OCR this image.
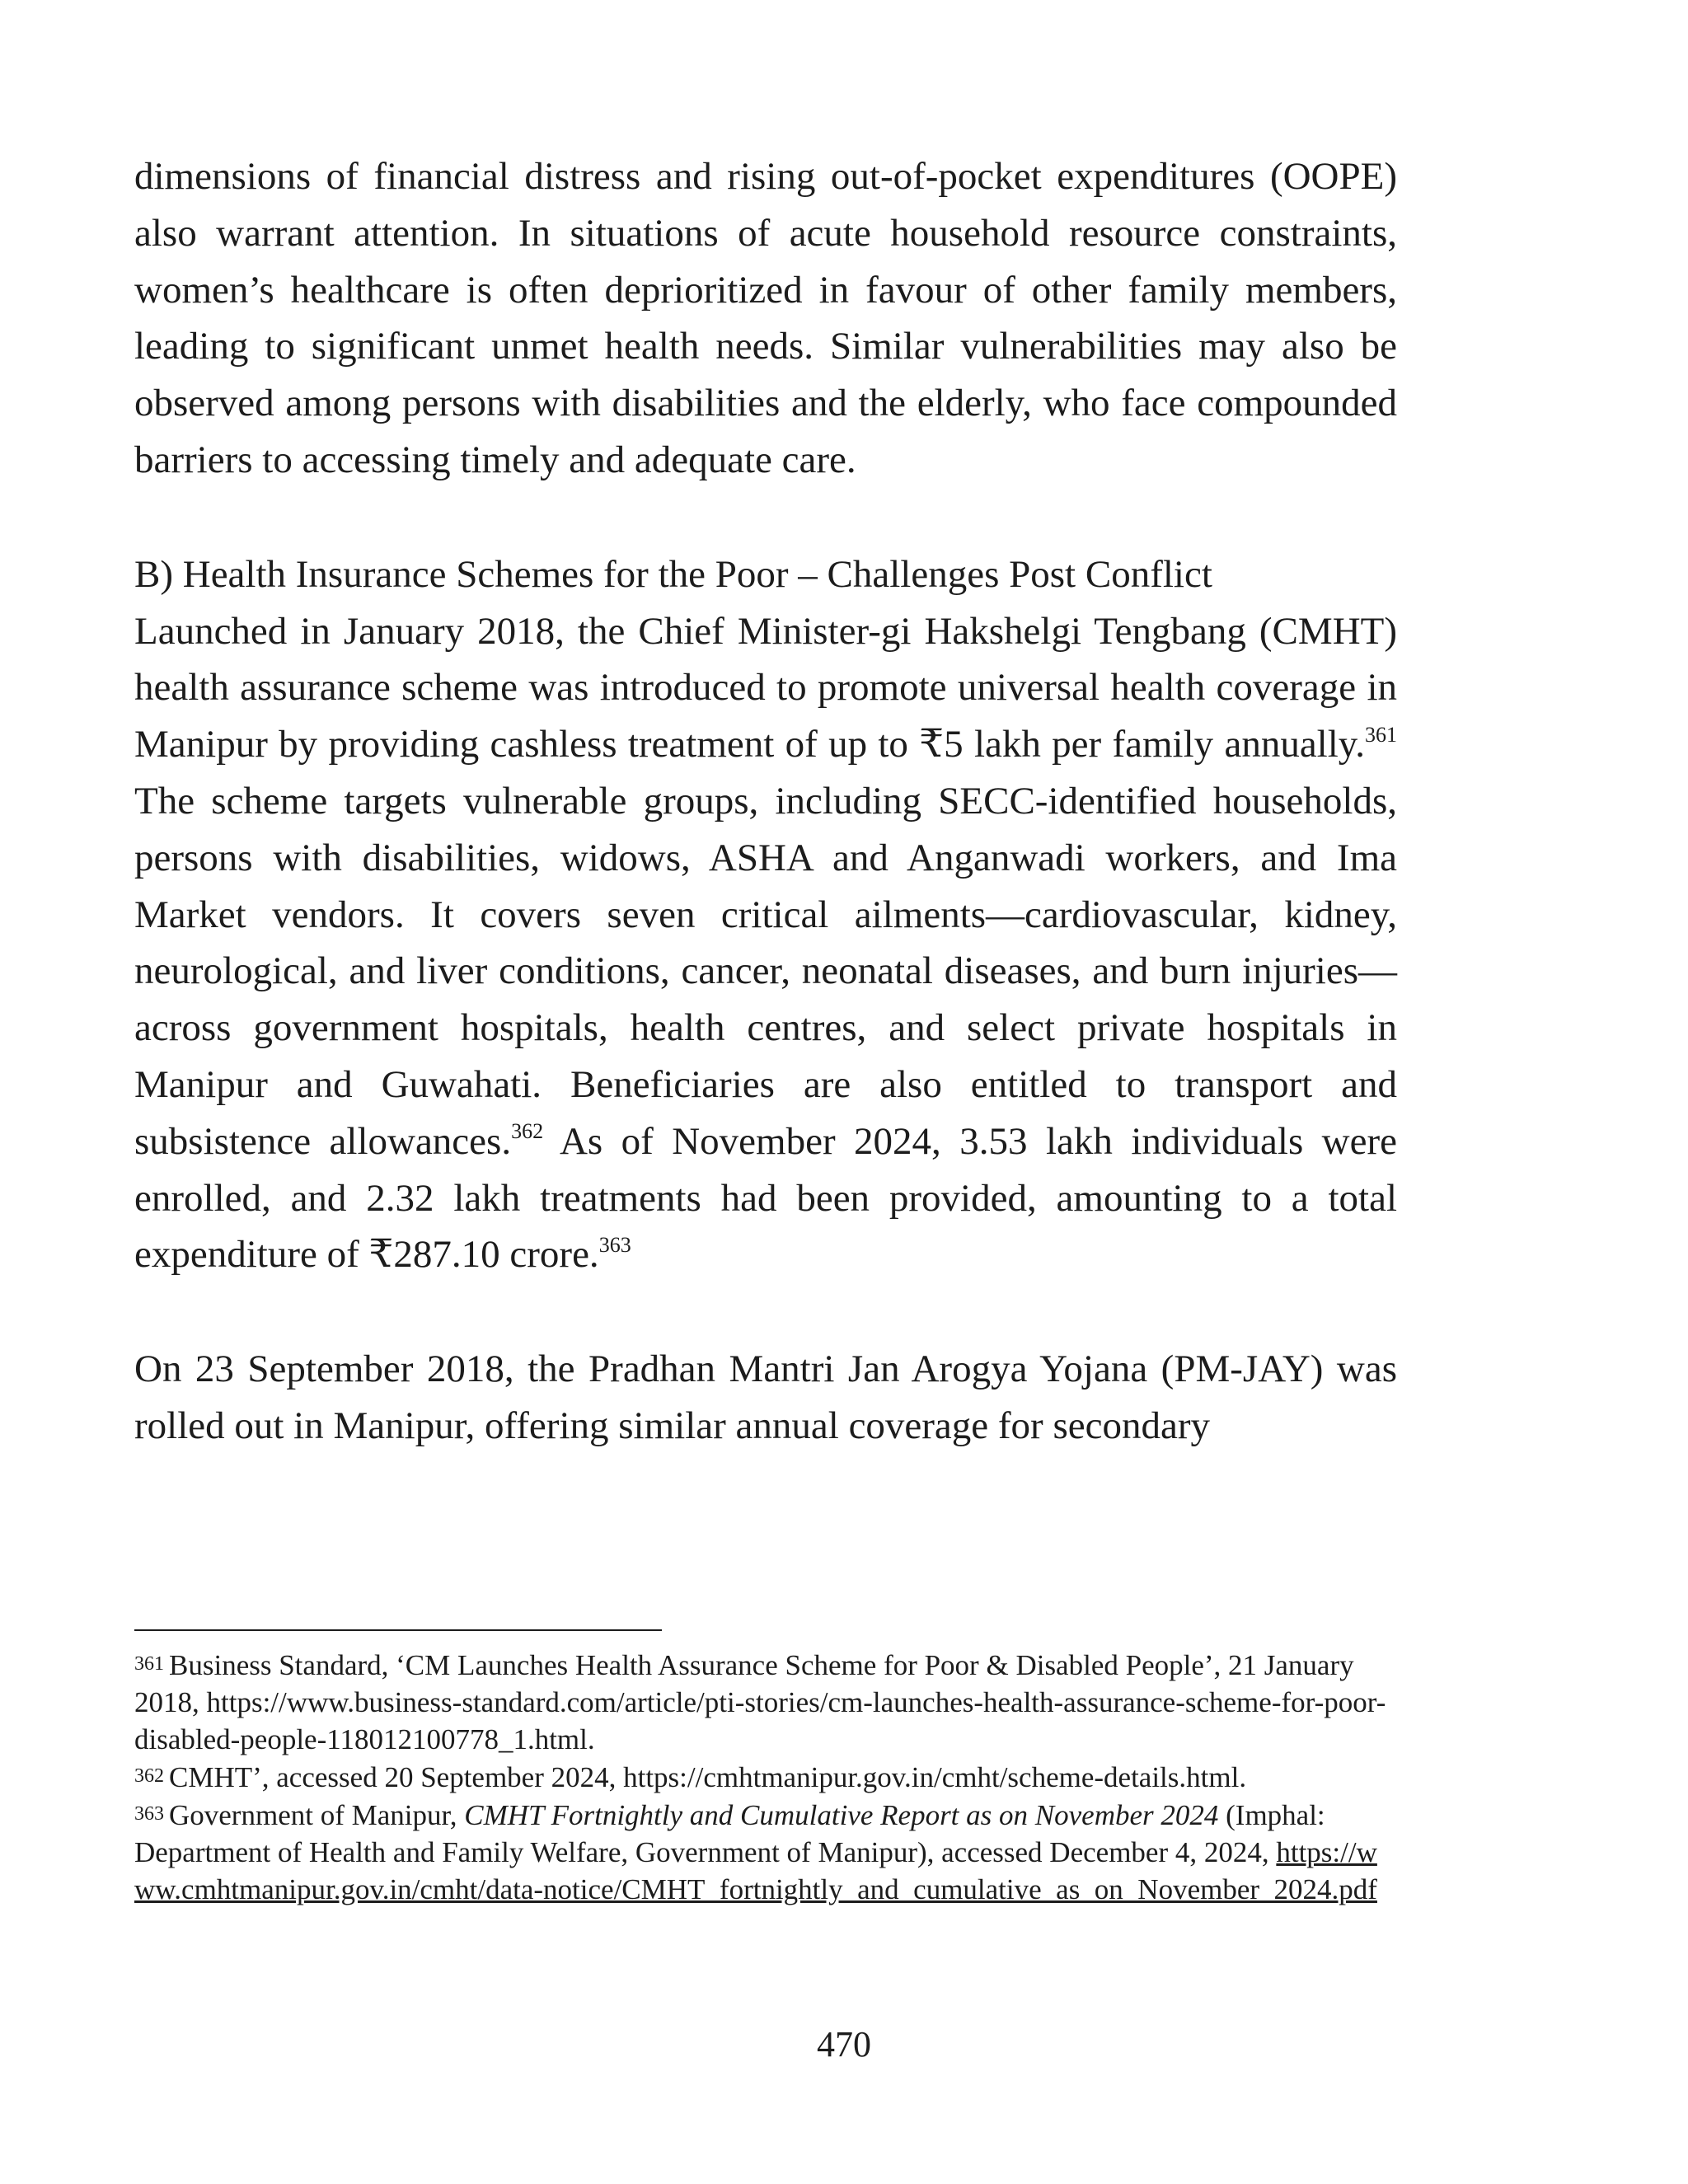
dimensions of financial distress and rising out-of-pocket expenditures (OOPE) also warrant attention. In situations of acute household resource constraints, women’s healthcare is often deprioritized in favour of other family members, leading to significant unmet health needs. Similar vulnerabilities may also be observed among persons with disabilities and the elderly, who face compounded barriers to accessing timely and adequate care.

B) Health Insurance Schemes for the Poor – Challenges Post Conflict

Launched in January 2018, the Chief Minister-gi Hakshelgi Tengbang (CMHT) health assurance scheme was introduced to promote universal health coverage in Manipur by providing cashless treatment of up to ₹5 lakh per family annually.$^{361}$ The scheme targets vulnerable groups, including SECC-identified households, persons with disabilities, widows, ASHA and Anganwadi workers, and Ima Market vendors. It covers seven critical ailments—cardiovascular, kidney, neurological, and liver conditions, cancer, neonatal diseases, and burn injuries—across government hospitals, health centres, and select private hospitals in Manipur and Guwahati. Beneficiaries are also entitled to transport and subsistence allowances.$^{362}$ As of November 2024, 3.53 lakh individuals were enrolled, and 2.32 lakh treatments had been provided, amounting to a total expenditure of ₹287.10 crore.$^{363}$

On 23 September 2018, the Pradhan Mantri Jan Arogya Yojana (PM-JAY) was rolled out in Manipur, offering similar annual coverage for secondary

361 Business Standard, ‘CM Launches Health Assurance Scheme for Poor & Disabled People’, 21 January 2018, https://www.business-standard.com/article/pti-stories/cm-launches-health-assurance-scheme-for-poor-disabled-people-118012100778_1.html.

362 CMHT’, accessed 20 September 2024, https://cmhtmanipur.gov.in/cmht/scheme-details.html.

363 Government of Manipur, CMHT Fortnightly and Cumulative Report as on November 2024 (Imphal: Department of Health and Family Welfare, Government of Manipur), accessed December 4, 2024, https://www.cmhtmanipur.gov.in/cmht/data-notice/CMHT_fortnightly_and_cumulative_as_on_November_2024.pdf

470
